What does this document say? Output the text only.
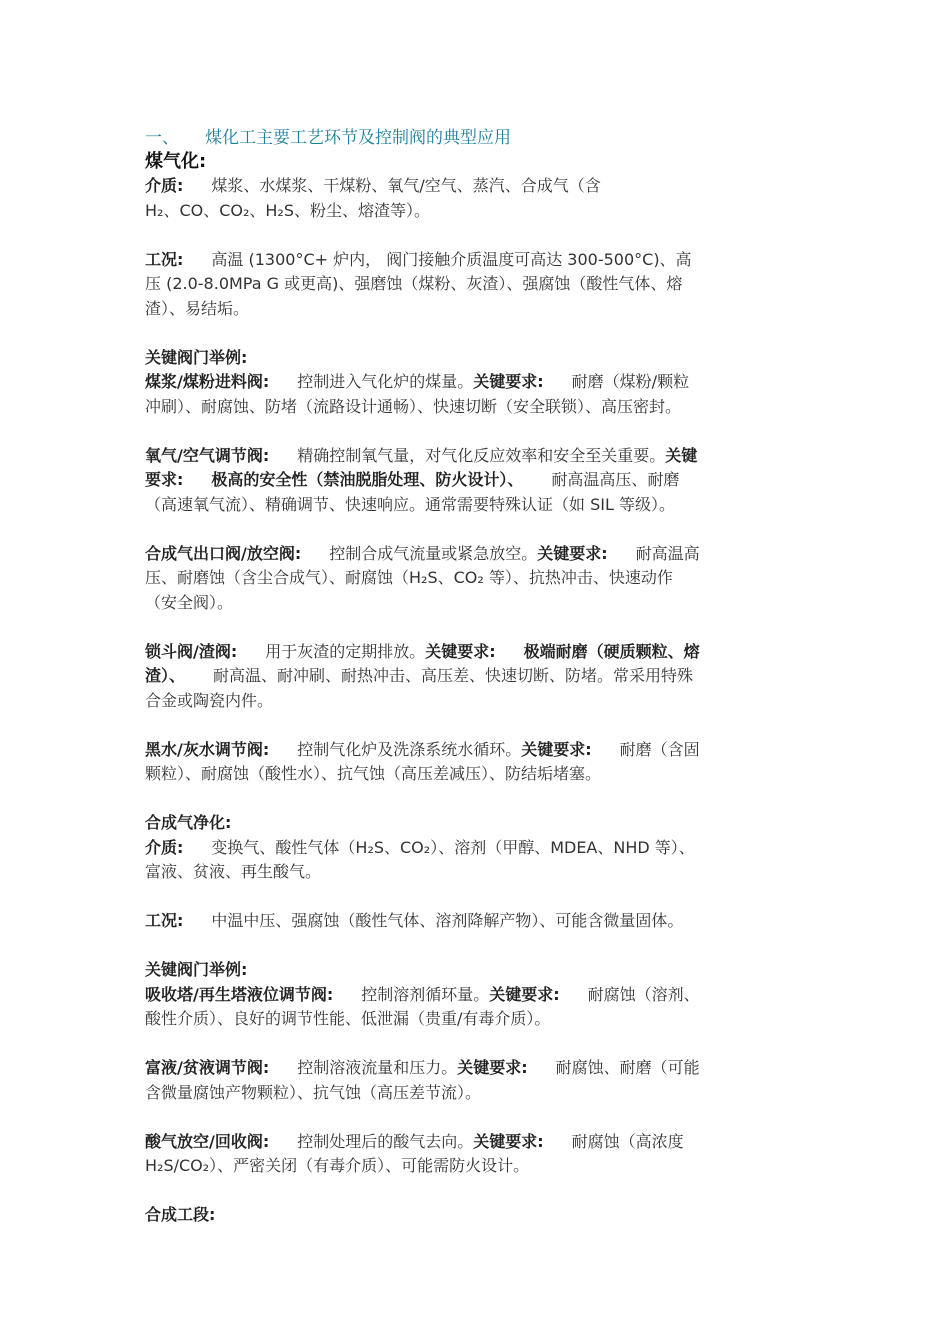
一、 煤化工主要工艺环节及控制阀的典型应用
煤气化:
介质: 煤浆、水煤浆、干煤粉、氧气/空气、蒸汽、合成气（含
H₂、CO、CO₂、H₂S、粉尘、熔渣等）。
工况: 高温 (1300°C+ 炉内， 阀门接触介质温度可高达 300-500°C)、高
压 (2.0-8.0MPa G 或更高)、强磨蚀（煤粉、灰渣）、强腐蚀（酸性气体、熔
渣）、易结垢。
关键阀门举例:
煤浆/煤粉进料阀: 控制进入气化炉的煤量。关键要求: 耐磨（煤粉/颗粒
冲刷）、耐腐蚀、防堵（流路设计通畅）、快速切断（安全联锁）、高压密封。
氧气/空气调节阀: 精确控制氧气量，对气化反应效率和安全至关重要。关键
要求: 极高的安全性（禁油脱脂处理、防火设计）、 耐高温高压、耐磨
（高速氧气流）、精确调节、快速响应。通常需要特殊认证（如 SIL 等级）。
合成气出口阀/放空阀: 控制合成气流量或紧急放空。关键要求: 耐高温高
压、耐磨蚀（含尘合成气）、耐腐蚀（H₂S、CO₂ 等）、抗热冲击、快速动作
（安全阀）。
锁斗阀/渣阀: 用于灰渣的定期排放。关键要求: 极端耐磨（硬质颗粒、熔
渣）、 耐高温、耐冲刷、耐热冲击、高压差、快速切断、防堵。常采用特殊
合金或陶瓷内件。
黑水/灰水调节阀: 控制气化炉及洗涤系统水循环。关键要求: 耐磨（含固
颗粒）、耐腐蚀（酸性水）、抗气蚀（高压差减压）、防结垢堵塞。
合成气净化:
介质: 变换气、酸性气体（H₂S、CO₂）、溶剂（甲醇、MDEA、NHD 等）、
富液、贫液、再生酸气。
工况: 中温中压、强腐蚀（酸性气体、溶剂降解产物）、可能含微量固体。
关键阀门举例:
吸收塔/再生塔液位调节阀: 控制溶剂循环量。关键要求: 耐腐蚀（溶剂、
酸性介质）、良好的调节性能、低泄漏（贵重/有毒介质）。
富液/贫液调节阀: 控制溶液流量和压力。关键要求: 耐腐蚀、耐磨（可能
含微量腐蚀产物颗粒）、抗气蚀（高压差节流）。
酸气放空/回收阀: 控制处理后的酸气去向。关键要求: 耐腐蚀（高浓度
H₂S/CO₂）、严密关闭（有毒介质）、可能需防火设计。
合成工段:
